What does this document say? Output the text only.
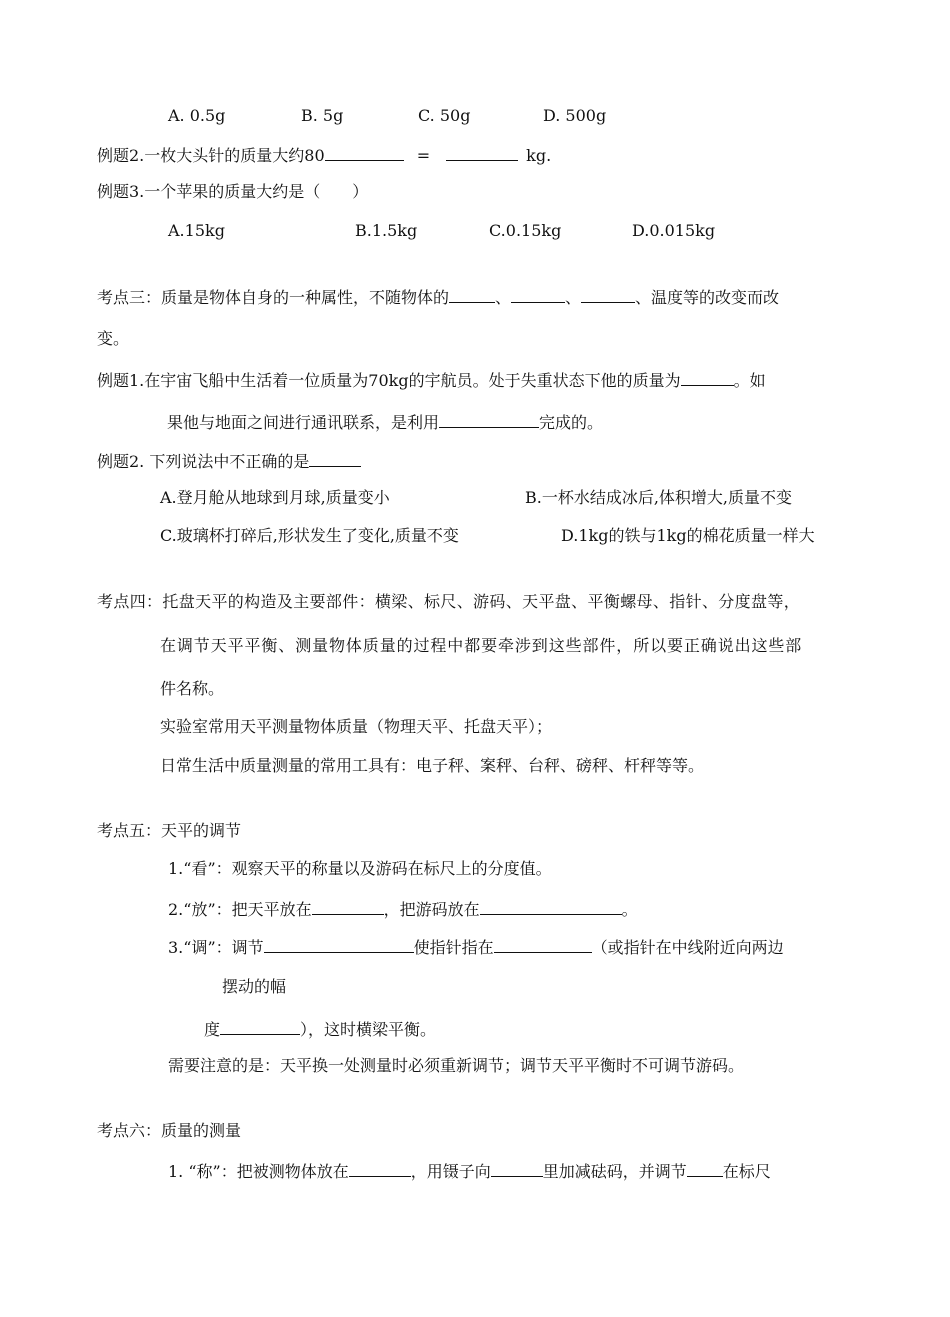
A. 0.5g	B. 5g	C. 50g	D. 500g
例题2.一枚大头针的质量大约80	=	kg.
例题3.一个苹果的质量大约是（　　）
A.15kg	B.1.5kg	C.0.15kg	D.0.015kg
考点三：质量是物体自身的一种属性，不随物体的	、	、	、温度等的改变而改
变。
例题1.在宇宙飞船中生活着一位质量为70kg的宇航员。处于失重状态下他的质量为	。如
果他与地面之间进行通讯联系，是利用	完成的。
例题2. 下列说法中不正确的是
A.登月舱从地球到月球,质量变小	B.一杯水结成冰后,体积增大,质量不变
C.玻璃杯打碎后,形状发生了变化,质量不变	D.1kg的铁与1kg的棉花质量一样大
考点四：托盘天平的构造及主要部件：横梁、标尺、游码、天平盘、平衡螺母、指针、分度盘等，
在调节天平平衡、测量物体质量的过程中都要牵涉到这些部件，所以要正确说出这些部
件名称。
实验室常用天平测量物体质量（物理天平、托盘天平）；
日常生活中质量测量的常用工具有：电子秤、案秤、台秤、磅秤、杆秤等等。
考点五：天平的调节
1.“看”：观察天平的称量以及游码在标尺上的分度值。
2.“放”：把天平放在	，把游码放在	。
3.“调”：调节	使指针指在	（或指针在中线附近向两边
摆动的幅
度	），这时横梁平衡。
需要注意的是：天平换一处测量时必须重新调节；调节天平平衡时不可调节游码。
考点六：质量的测量
1. “称”：把被测物体放在	，用镊子向	里加减砝码，并调节 在标尺
